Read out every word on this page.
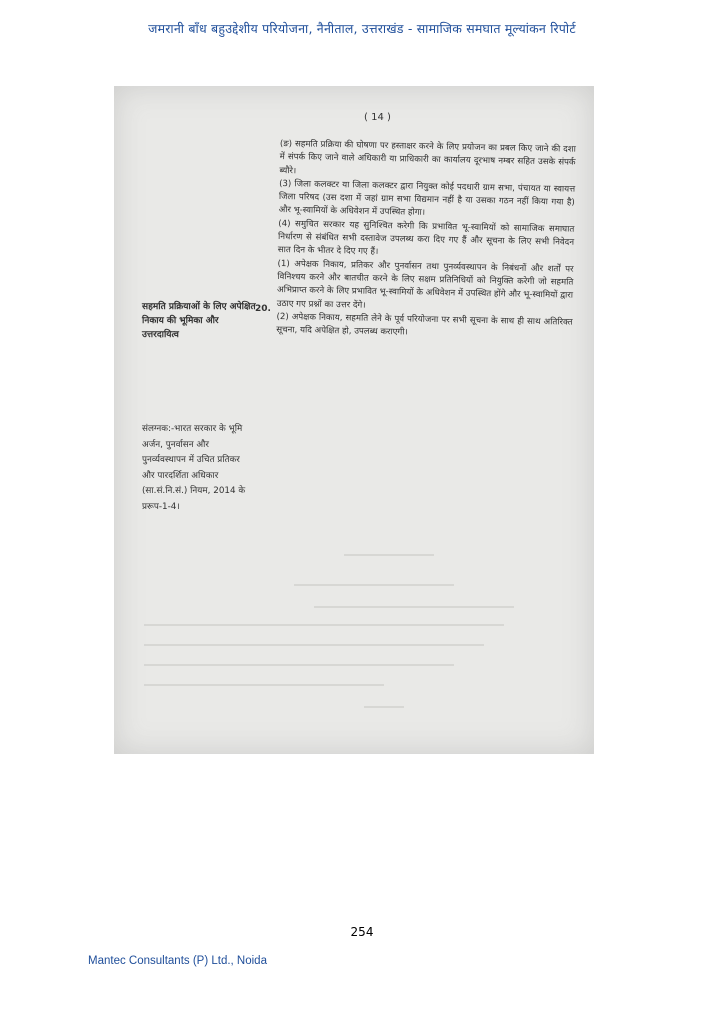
जमरानी बाँध बहुउद्देशीय परियोजना, नैनीताल, उत्तराखंड - सामाजिक समघात मूल्यांकन रिपोर्ट
( 14 )

(ङ) सहमति प्रक्रिया की घोषणा पर हस्ताक्षर करने के लिए प्रयोजन का प्रबल किए जाने की दशा में संपर्क किए जाने वाले अधिकारी या प्राधिकारी का कार्यालय दूरभाष नम्बर सहित उसके संपर्क ब्यौरे।

(3) जिला कलक्टर या जिला कलक्टर द्वारा नियुक्त कोई पदधारी ग्राम सभा, पंचायत या स्वायत्त जिला परिषद (उस दशा में जहां ग्राम सभा विद्यमान नहीं है या उसका गठन नहीं किया गया है) और भू-स्वामियों के अधिवेशन में उपस्थित होगा।

(4) समुचित सरकार यह सुनिश्चित करेगी कि प्रभावित भू-स्वामियों को सामाजिक समाघात निर्धारण से संबंधित सभी दस्तावेज उपलब्ध करा दिए गए हैं और सूचना के लिए सभी निवेदन सात दिन के भीतर दे दिए गए हैं।

(1) अपेक्षक निकाय, प्रतिकर और पुनर्वासन तथा पुनर्व्यवस्थापन के निबंधनों और शर्तों पर विनिश्चय करने और बातचीत करने के लिए सक्षम प्रतिनिधियों को नियुक्ति करेगी जो सहमति अभिप्राप्त करने के लिए प्रभावित भू-स्वामियों के अधिवेशन में उपस्थित होंगे और भू-स्वामियों द्वारा उठाए गए प्रश्नों का उत्तर देंगे।

(2) अपेक्षक निकाय, सहमति लेने के पूर्व परियोजना पर सभी सूचना के साथ ही साथ अतिरिक्त सूचना, यदि अपेक्षित हो, उपलब्ध कराएगी।

सहमति प्रक्रियाओं के लिए अपेक्षित निकाय की भूमिका और उत्तरदायित्व
20.
संलग्नक:-भारत सरकार के भूमि अर्जन, पुनर्वासन और पुनर्व्यवस्थापन में उचित प्रतिकर और पारदर्शिता अधिकार (सा.सं.नि.सं.) नियम, 2014 के प्ररूप-1-4।
254
Mantec Consultants (P) Ltd., Noida
